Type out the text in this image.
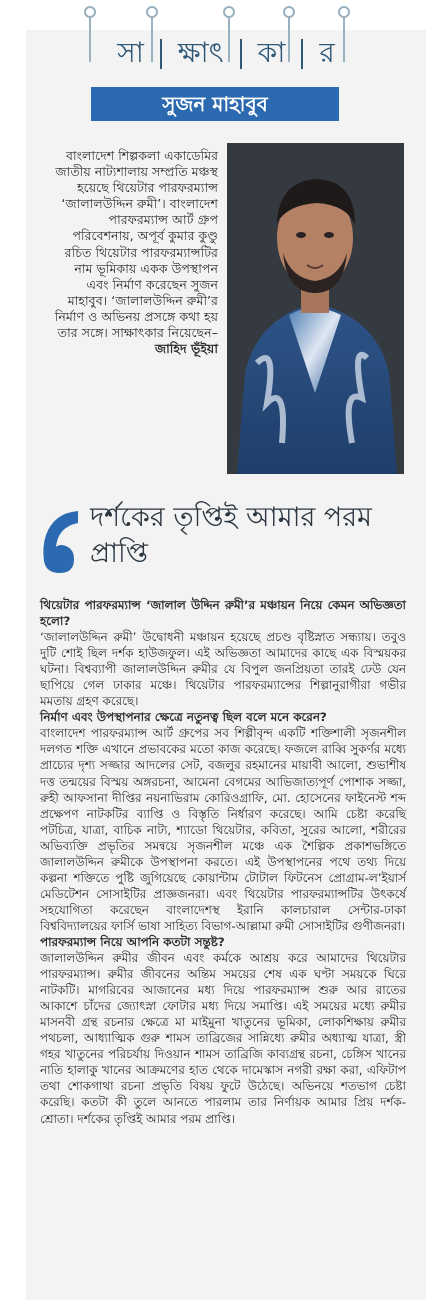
সা	ক্ষাৎ	কা	র
সুজন মাহাবুব
বাংলাদেশ শিল্পকলা একাডেমির জাতীয় নাট্যশালায় সম্প্রতি মঞ্চস্থ হয়েছে থিয়েটার পারফরম্যান্স ‘জালালউদ্দিন রুমী’। বাংলাদেশ পারফরম্যান্স আর্ট গ্রুপ পরিবেশনায়, অপূর্ব কুমার কুণ্ডু রচিত থিয়েটার পারফরম্যান্সটির নাম ভূমিকায় একক উপস্থাপন এবং নির্মাণ করেছেন সুজন মাহাবুব। ‘জালালউদ্দিন রুমী’র নির্মাণ ও অভিনয় প্রসঙ্গে কথা হয় তার সঙ্গে। সাক্ষাৎকার নিয়েছেন–
জাহিদ ভূঁইয়া
দর্শকের তৃপ্তিই আমার পরম প্রাপ্তি
থিয়েটার পারফরম্যান্স ‘জালাল উদ্দিন রুমী’র মঞ্চায়ন নিয়ে কেমন অভিজ্ঞতা হলো?
‘জালালউদ্দিন রুমী’ উদ্বোধনী মঞ্চায়ন হয়েছে প্রচণ্ড বৃষ্টিস্নাত সন্ধ্যায়। তবুও দুটি শোই ছিল দর্শক হাউজফুল। এই অভিজ্ঞতা আমাদের কাছে এক বিস্ময়কর ঘটনা। বিশ্বব্যাপী জালালউদ্দিন রুমীর যে বিপুল জনপ্রিয়তা তারই ঢেউ যেন ছাপিয়ে গেল ঢাকার মঞ্চে। থিয়েটার পারফরম্যান্সের শিল্পানুরাগীরা গভীর মমতায় গ্রহণ করেছে।
নির্মাণ এবং উপস্থাপনার ক্ষেত্রে নতুনত্ব ছিল বলে মনে করেন?
বাংলাদেশ পারফরম্যান্স আর্ট গ্রুপের সব শিল্পীবৃন্দ একটি শক্তিশালী সৃজনশীল দলগত শক্তি এখানে প্রভাবকের মতো কাজ করেছে। ফজলে রাব্বি সুকর্ণর মধ্যে প্রাচ্যের দৃশ্য সজ্জার আদলের সেট, বজলুর রহমানের মায়াবী আলো, শুভাশীষ দত্ত তন্ময়ের বিস্ময় অঙ্গরচনা, আমেনা বেগমের আভিজাত্যপূর্ণ পোশাক সজ্জা, রুহী আফসানা দীপ্তির নয়নাভিরাম কোরিওগ্রাফি, মো. হোসেনের ফাইনেস্ট শব্দ প্রক্ষেপণ নাটকটির ব্যাপ্তি ও বিস্তৃতি নির্ধারণ করেছে। আমি চেষ্টা করেছি পটচিত্র, যাত্রা, বাচিক নাট্য, শ্যাডো থিয়েটার, কবিতা, সুরের আলো, শরীরের অভিব্যক্তি প্রভৃতির সমন্বয়ে সৃজনশীল মঞ্চে এক শৈল্পিক প্রকাশভঙ্গিতে জালালউদ্দিন রুমীকে উপস্থাপনা করতে। এই উপস্থাপনের পথে তথ্য দিয়ে কল্পনা শক্তিতে পুষ্টি জুগিয়েছে কোয়ান্টাম টোটাল ফিটনেস প্রোগ্রাম-ল’ইয়ার্স মেডিটেশন সোসাইটির প্রাজ্ঞজনরা। এবং থিয়েটার পারফরম্যান্সটির উৎকর্ষে সহযোগিতা করেছেন বাংলাদেশস্থ ইরানি কালচারাল সেন্টার-ঢাকা বিশ্ববিদ্যালয়ের ফার্সি ভাষা সাহিত্য বিভাগ-আল্লামা রুমী সোসাইটির গুণীজনরা।
পারফরম্যান্স নিয়ে আপনি কতটা সন্তুষ্ট?
জালালউদ্দিন রুমীর জীবন এবং কর্মকে আশ্রয় করে আমাদের থিয়েটার পারফরম্যান্স। রুমীর জীবনের অন্তিম সময়ের শেষ এক ঘণ্টা সময়কে ঘিরে নাটকটি। মাগরিবের আজানের মধ্য দিয়ে পারফরম্যান্স শুরু আর রাতের আকাশে চাঁদের জ্যোৎস্না ফোটার মধ্য দিয়ে সমাপ্তি। এই সময়ের মধ্যে রুমীর মাসনবী গ্রন্থ রচনার ক্ষেত্রে মা মাইমুনা খাতুনের ভূমিকা, লোকশিক্ষায় রুমীর পথচলা, আধ্যাত্মিক গুরু শামস তাব্রিজের সান্নিধ্যে রুমীর অধ্যাত্ম যাত্রা, স্ত্রী গহর খাতুনের পরিচর্যায় দিওয়ান শামস তাব্রিজি কাব্যগ্রন্থ রচনা, চেঙ্গিস খানের নাতি হালাকু খানের আক্রমণের হাত থেকে দামেস্কাস নগরী রক্ষা করা, এফিটাপ তথা শোকগাথা রচনা প্রভৃতি বিষয় ফুটে উঠেছে। অভিনয়ে শতভাগ চেষ্টা করেছি। কতটা কী তুলে আনতে পারলাম তার নির্ণায়ক আমার প্রিয় দর্শক-শ্রোতা। দর্শকের তৃপ্তিই আমার পরম প্রাপ্তি।
